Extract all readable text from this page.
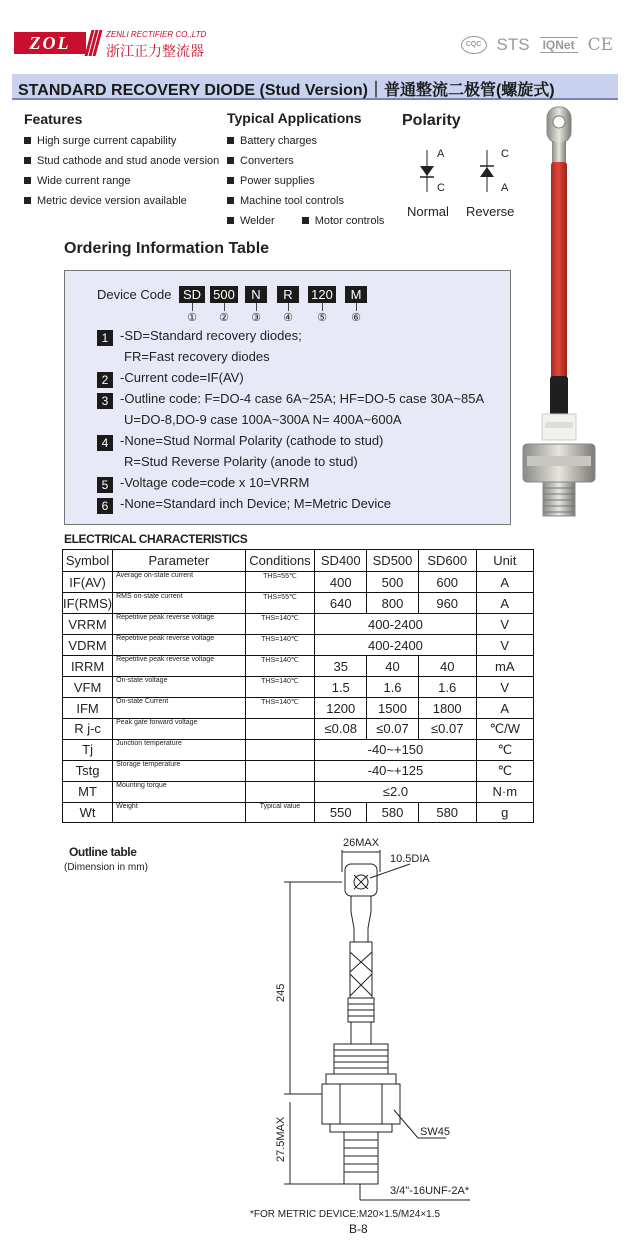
ZOL	ZENLI RECTIFIER CO.,LTD
浙江正力整流器	CQC STS IQNet CE
STANDARD RECOVERY DIODE (Stud Version)｜普通整流二极管(螺旋式)
Features
High surge current capability
Stud cathode and stud anode version
Wide current range
Metric device version available
Typical Applications
Battery charges
Converters
Power supplies
Machine tool controls
Welder	Motor controls
Polarity
A
C
C
A
Normal Reverse
Ordering Information Table
Device Code SD 500	N	R	120	M
① ② ③ ④ ⑤ ⑥
1 -SD=Standard recovery diodes;
FR=Fast recovery diodes
2 -Current code=IF(AV)
3 -Outline code: F=DO-4 case 6A~25A; HF=DO-5 case 30A~85A
U=DO-8,DO-9 case 100A~300A N= 400A~600A
4 -None=Stud Normal Polarity (cathode to stud)
R=Stud Reverse Polarity (anode to stud)
5 -Voltage code=code x 10=VRRM
6 -None=Standard inch Device; M=Metric Device
ELECTRICAL CHARACTERISTICS
Symbol	Parameter	Conditions	SD400	SD500	SD600	Unit
IF(AV)	Average on-state current	THS=55℃	400	500	600	A
IF(RMS)	RMS on-state current	THS=55℃	640	800	960	A
VRRM	Repetitive peak reverse voltage	THS=140℃	400-2400			V
VDRM	Repetitive peak reverse voltage	THS=140℃	400-2400			V
IRRM	Repetitive peak reverse voltage	THS=140℃	35	40	40	mA
VFM	On-state voltage	THS=140℃	1.5	1.6	1.6	V
IFM	On-state Current	THS=140℃	1200	1500	1800	A
R j-c	Peak gate forward voltage		≤0.08	≤0.07	≤0.07	℃/W
Tj	Junction temperature		-40~+150			℃
Tstg	Storage temperature		-40~+125			℃
MT	Mounting torque		≤2.0			N·m
Wt	Weight	Typical value	550	580	580	g
Outline table
(Dimension in mm)
26MAX
10.5DIA
245
27.5MAX	SW45
3/4"-16UNF-2A*
*FOR METRIC DEVICE:M20×1.5/M24×1.5
B-8
